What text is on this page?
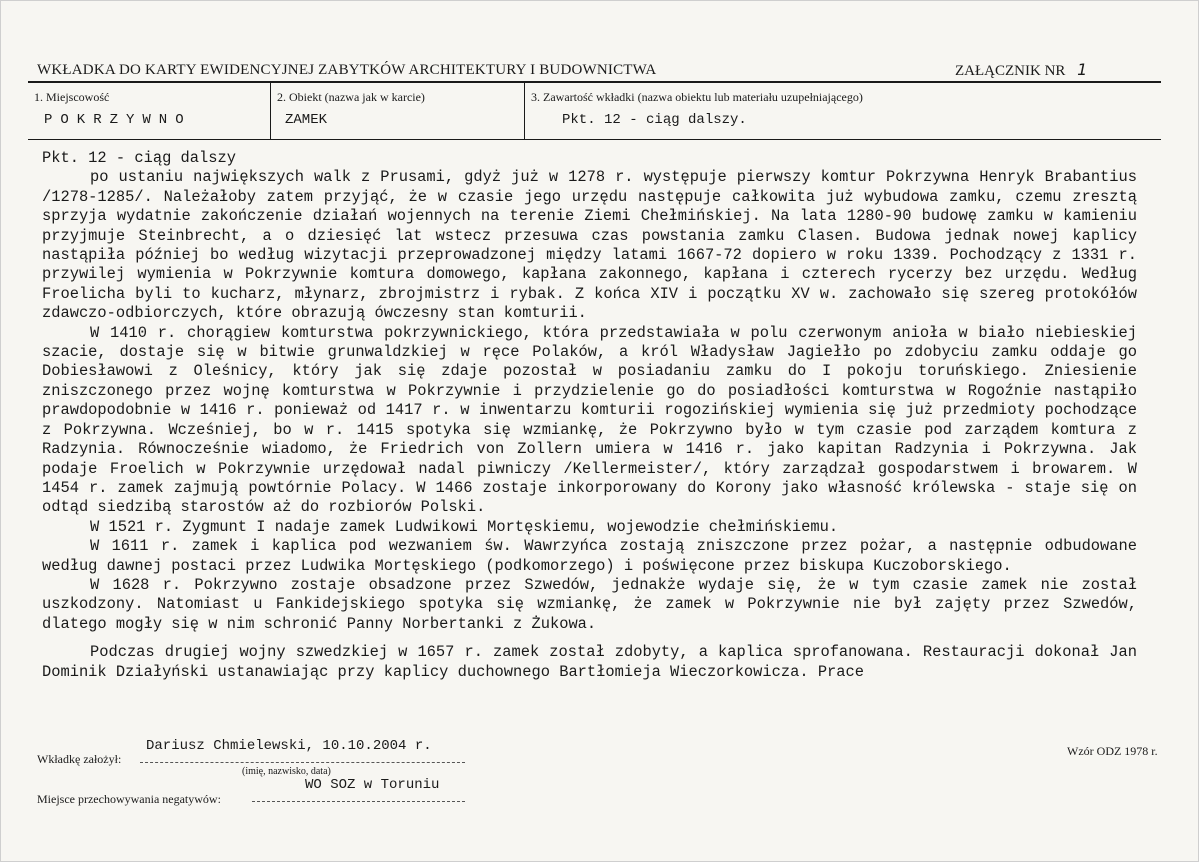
WKŁADKA DO KARTY EWIDENCYJNEJ ZABYTKÓW ARCHITEKTURY I BUDOWNICTWA	ZAŁĄCZNIK NR 1
1. Miejscowość
POKRZYWNO
2. Obiekt (nazwa jak w karcie)
ZAMEK
3. Zawartość wkładki (nazwa obiektu lub materiału uzupełniającego)
Pkt. 12 - ciąg dalszy.

Pkt. 12 - ciąg dalszy

po ustaniu największych walk z Prusami, gdyż już w 1278 r. występuje pierwszy komtur Pokrzywna Henryk Brabantius /1278-1285/. Należałoby zatem przyjąć, że w czasie jego urzędu następuje całkowita już wybudowa zamku, czemu zresztą sprzyja wydatnie zakończenie działań wojennych na terenie Ziemi Chełmińskiej. Na lata 1280-90 budowę zamku w kamieniu przyjmuje Steinbrecht, a o dziesięć lat wstecz przesuwa czas powstania zamku Clasen. Budowa jednak nowej kaplicy nastąpiła później bo według wizytacji przeprowadzonej między latami 1667-72 dopiero w roku 1339. Pochodzący z 1331 r. przywilej wymienia w Pokrzywnie komtura domowego, kapłana zakonnego, kapłana i czterech rycerzy bez urzędu. Według Froelicha byli to kucharz, młynarz, zbrojmistrz i rybak. Z końca XIV i początku XV w. zachowało się szereg protokółów zdawczo-odbiorczych, które obrazują ówczesny stan komturii.

W 1410 r. chorągiew komturstwa pokrzywnickiego, która przedstawiała w polu czerwonym anioła w biało niebieskiej szacie, dostaje się w bitwie grunwaldzkiej w ręce Polaków, a król Władysław Jagiełło po zdobyciu zamku oddaje go Dobiesławowi z Oleśnicy, który jak się zdaje pozostał w posiadaniu zamku do I pokoju toruńskiego. Zniesienie zniszczonego przez wojnę komturstwa w Pokrzywnie i przydzielenie go do posiadłości komturstwa w Rogoźnie nastąpiło prawdopodobnie w 1416 r. ponieważ od 1417 r. w inwentarzu komturii rogozińskiej wymienia się już przedmioty pochodzące z Pokrzywna. Wcześniej, bo w r. 1415 spotyka się wzmiankę, że Pokrzywno było w tym czasie pod zarządem komtura z Radzynia. Równocześnie wiadomo, że Friedrich von Zollern umiera w 1416 r. jako kapitan Radzynia i Pokrzywna. Jak podaje Froelich w Pokrzywnie urzędował nadal piwniczy /Kellermeister/, który zarządzał gospodarstwem i browarem. W 1454 r. zamek zajmują powtórnie Polacy. W 1466 zostaje inkorporowany do Korony jako własność królewska - staje się on odtąd siedzibą starostów aż do rozbiorów Polski.

W 1521 r. Zygmunt I nadaje zamek Ludwikowi Mortęskiemu, wojewodzie chełmińskiemu.

W 1611 r. zamek i kaplica pod wezwaniem św. Wawrzyńca zostają zniszczone przez pożar, a następnie odbudowane według dawnej postaci przez Ludwika Mortęskiego (podkomorzego) i poświęcone przez biskupa Kuczoborskiego.

W 1628 r. Pokrzywno zostaje obsadzone przez Szwedów, jednakże wydaje się, że w tym czasie zamek nie został uszkodzony. Natomiast u Fankidejskiego spotyka się wzmiankę, że zamek w Pokrzywnie nie był zajęty przez Szwedów, dlatego mogły się w nim schronić Panny Norbertanki z Żukowa.

Podczas drugiej wojny szwedzkiej w 1657 r. zamek został zdobyty, a kaplica sprofanowana. Restauracji dokonał Jan Dominik Działyński ustanawiając przy kaplicy duchownego Bartłomieja Wieczorkowicza. Prace

Wkładkę założył:
Dariusz Chmielewski, 10.10.2004 r.
(imię, nazwisko, data)
WO SOZ w Toruniu
Miejsce przechowywania negatywów:
Wzór ODZ 1978 r.
